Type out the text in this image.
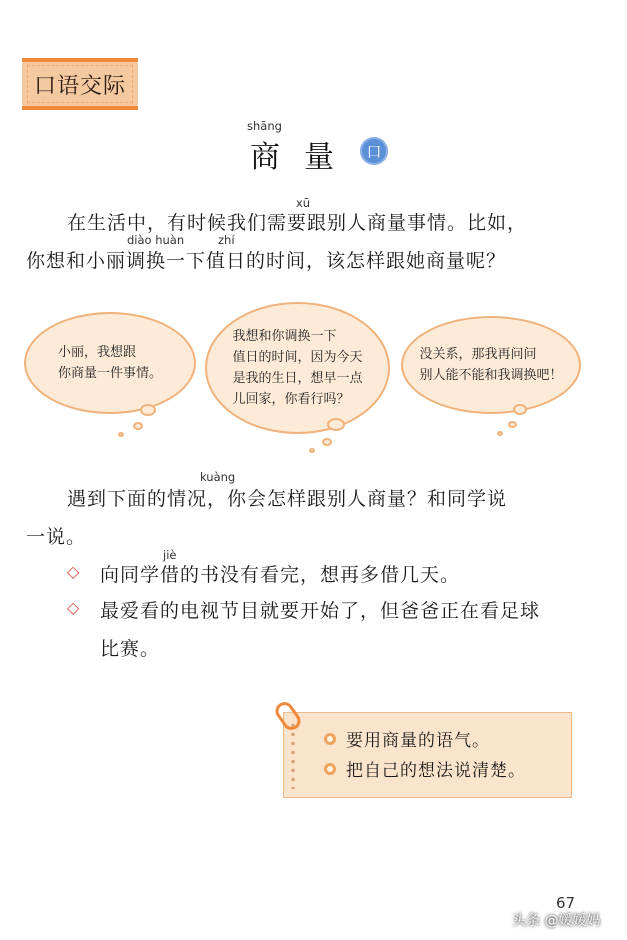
口语交际
shāng
商量 口
xū
在生活中，有时候我们需要跟别人商量事情。比如，
diào huàn	zhí
你想和小丽调换一下值日的时间，该怎样跟她商量呢？
小丽，我想跟
你商量一件事情。
我想和你调换一下
值日的时间，因为今天
是我的生日，想早一点
儿回家，你看行吗？
没关系，那我再问问
别人能不能和我调换吧！
kuàng
遇到下面的情况，你会怎样跟别人商量？和同学说
一说。
◇
jiè
向同学借的书没有看完，想再多借几天。
◇ 最爱看的电视节目就要开始了，但爸爸正在看足球
比赛。
要用商量的语气。
把自己的想法说清楚。
67
头条 @媛媛妈
